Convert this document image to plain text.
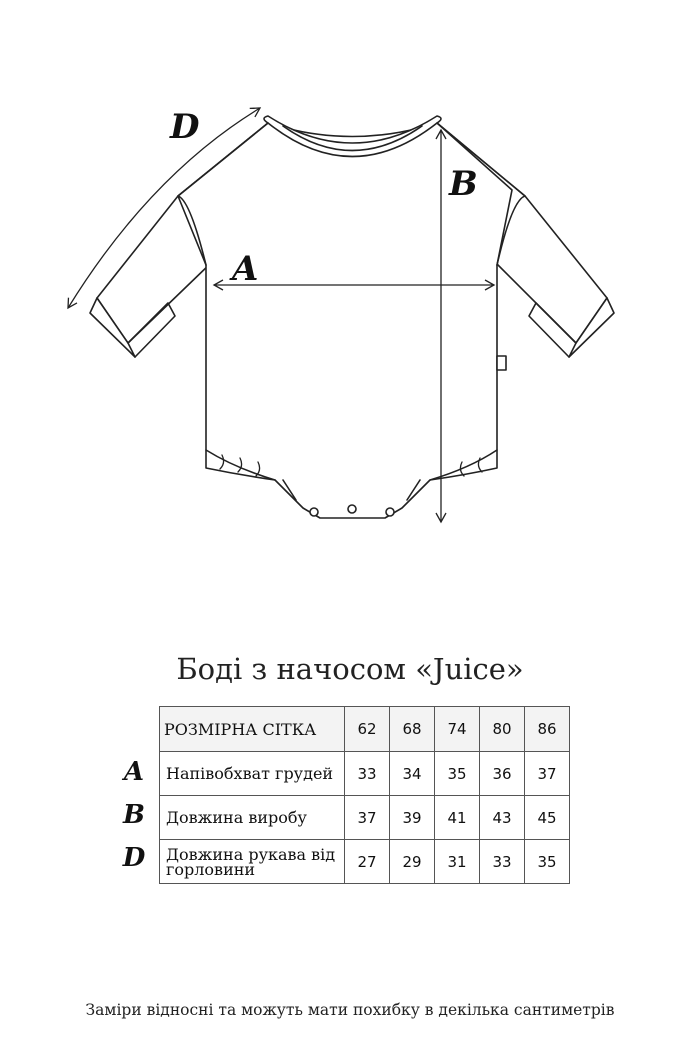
A
B
D
Боді з начосом «Juice»
A
B
D
РОЗМІРНА СІТКА	62	68	74	80	86
Напівобхват грудей	33	34	35	36	37
Довжина виробу	37	39	41	43	45
Довжина рукава від горловини	27	29	31	33	35
Заміри відносні та можуть мати похибку в декілька сантиметрів
